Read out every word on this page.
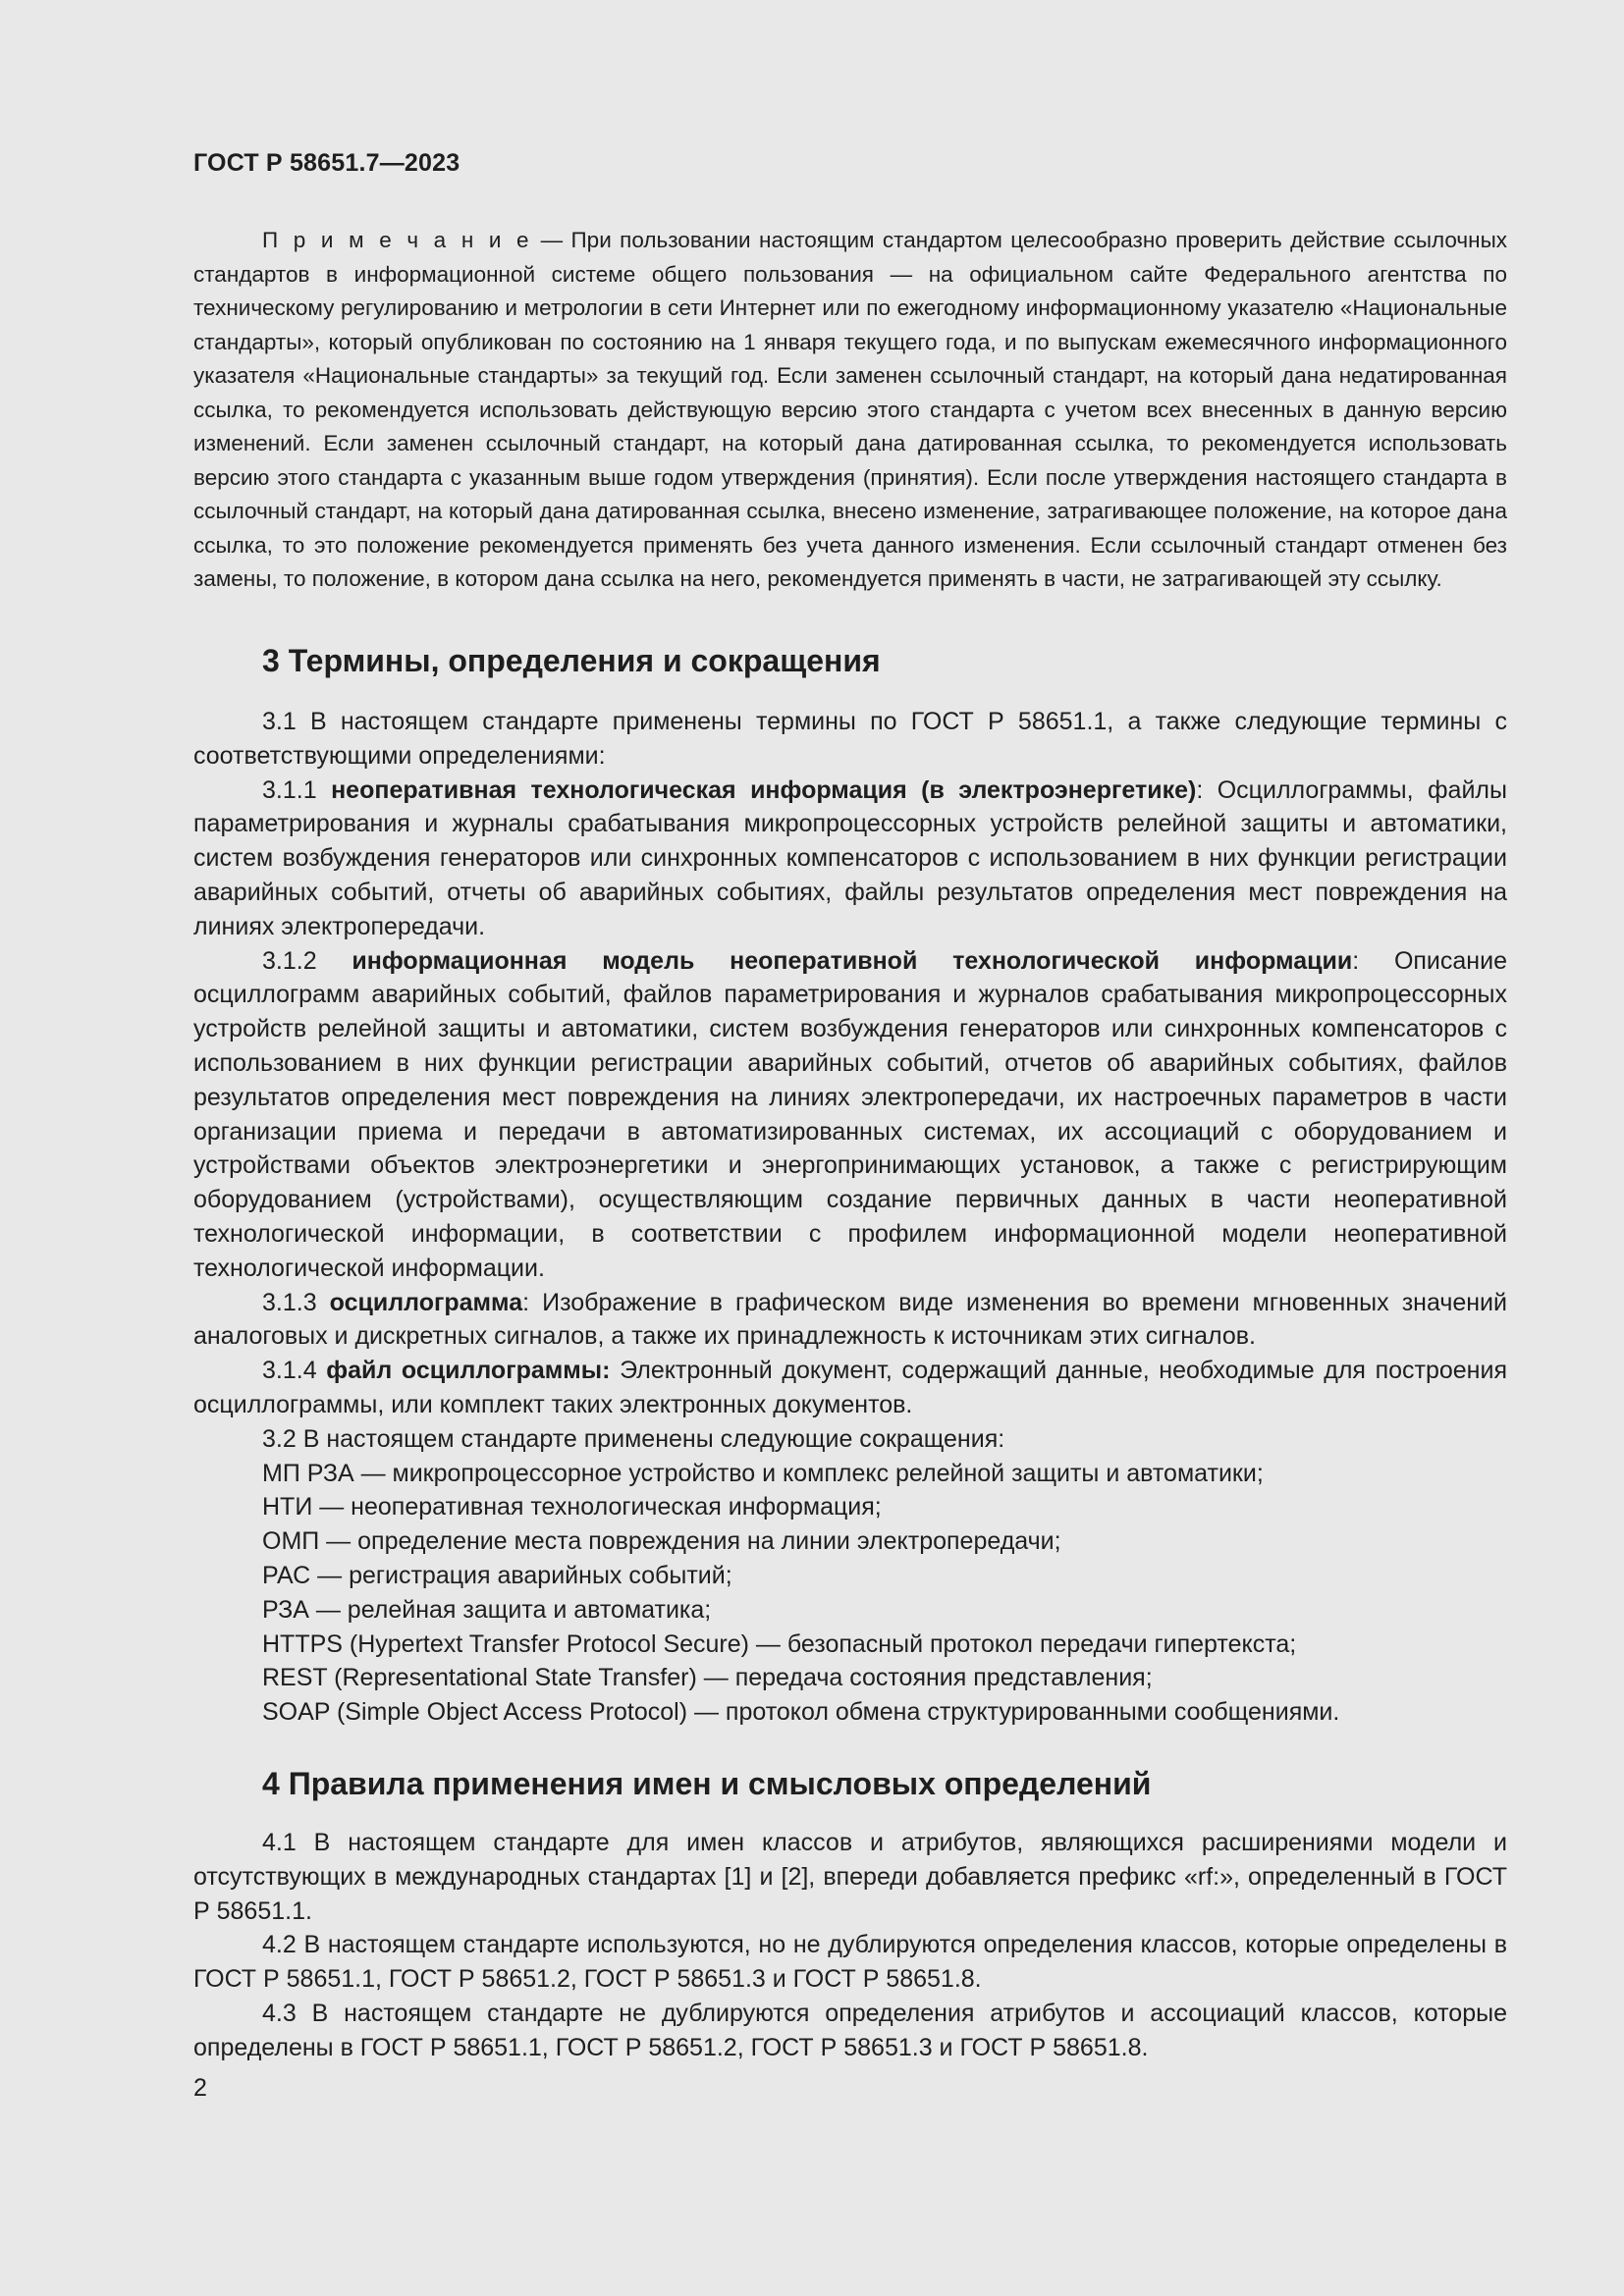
ГОСТ Р 58651.7—2023
П р и м е ч а н и е — При пользовании настоящим стандартом целесообразно проверить действие ссылочных стандартов в информационной системе общего пользования — на официальном сайте Федерального агентства по техническому регулированию и метрологии в сети Интернет или по ежегодному информационному указателю «Национальные стандарты», который опубликован по состоянию на 1 января текущего года, и по выпускам ежемесячного информационного указателя «Национальные стандарты» за текущий год. Если заменен ссылочный стандарт, на который дана недатированная ссылка, то рекомендуется использовать действующую версию этого стандарта с учетом всех внесенных в данную версию изменений. Если заменен ссылочный стандарт, на который дана датированная ссылка, то рекомендуется использовать версию этого стандарта с указанным выше годом утверждения (принятия). Если после утверждения настоящего стандарта в ссылочный стандарт, на который дана датированная ссылка, внесено изменение, затрагивающее положение, на которое дана ссылка, то это положение рекомендуется применять без учета данного изменения. Если ссылочный стандарт отменен без замены, то положение, в котором дана ссылка на него, рекомендуется применять в части, не затрагивающей эту ссылку.
3 Термины, определения и сокращения

3.1 В настоящем стандарте применены термины по ГОСТ Р 58651.1, а также следующие термины с соответствующими определениями:

3.1.1 неоперативная технологическая информация (в электроэнергетике): Осциллограммы, файлы параметрирования и журналы срабатывания микропроцессорных устройств релейной защиты и автоматики, систем возбуждения генераторов или синхронных компенсаторов с использованием в них функции регистрации аварийных событий, отчеты об аварийных событиях, файлы результатов определения мест повреждения на линиях электропередачи.

3.1.2 информационная модель неоперативной технологической информации: Описание осциллограмм аварийных событий, файлов параметрирования и журналов срабатывания микропроцессорных устройств релейной защиты и автоматики, систем возбуждения генераторов или синхронных компенсаторов с использованием в них функции регистрации аварийных событий, отчетов об аварийных событиях, файлов результатов определения мест повреждения на линиях электропередачи, их настроечных параметров в части организации приема и передачи в автоматизированных системах, их ассоциаций с оборудованием и устройствами объектов электроэнергетики и энергопринимающих установок, а также с регистрирующим оборудованием (устройствами), осуществляющим создание первичных данных в части неоперативной технологической информации, в соответствии с профилем информационной модели неоперативной технологической информации.

3.1.3 осциллограмма: Изображение в графическом виде изменения во времени мгновенных значений аналоговых и дискретных сигналов, а также их принадлежность к источникам этих сигналов.

3.1.4 файл осциллограммы: Электронный документ, содержащий данные, необходимые для построения осциллограммы, или комплект таких электронных документов.

3.2 В настоящем стандарте применены следующие сокращения:

МП РЗА — микропроцессорное устройство и комплекс релейной защиты и автоматики;

НТИ — неоперативная технологическая информация;

ОМП — определение места повреждения на линии электропередачи;

РАС — регистрация аварийных событий;

РЗА — релейная защита и автоматика;

HTTPS (Hypertext Transfer Protocol Secure) — безопасный протокол передачи гипертекста;

REST (Representational State Transfer) — передача состояния представления;

SOAP (Simple Object Access Protocol) — протокол обмена структурированными сообщениями.

4 Правила применения имен и смысловых определений

4.1 В настоящем стандарте для имен классов и атрибутов, являющихся расширениями модели и отсутствующих в международных стандартах [1] и [2], впереди добавляется префикс «rf:», определенный в ГОСТ Р 58651.1.

4.2 В настоящем стандарте используются, но не дублируются определения классов, которые определены в ГОСТ Р 58651.1, ГОСТ Р 58651.2, ГОСТ Р 58651.3 и ГОСТ Р 58651.8.

4.3 В настоящем стандарте не дублируются определения атрибутов и ассоциаций классов, которые определены в ГОСТ Р 58651.1, ГОСТ Р 58651.2, ГОСТ Р 58651.3 и ГОСТ Р 58651.8.

2
